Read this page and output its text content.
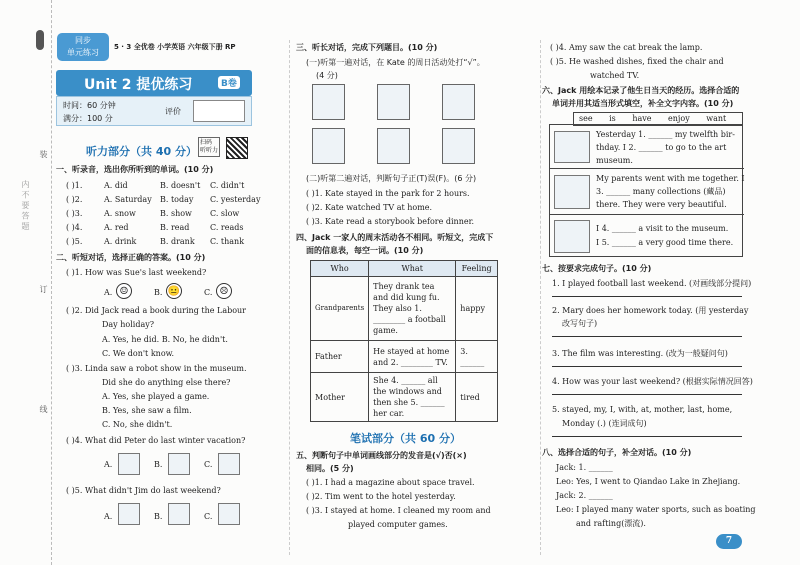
装
订
线
内 不 要 答 题
同步
单元练习
5 · 3 全优卷 小学英语 六年级下册 RP
Unit 2 提优练习	B卷
时间：60 分钟
满分：100 分
评价
扫码
听听力
听力部分（共 40 分）
一、听录音，选出你所听到的单词。(10 分)
( )1.	A. did	B. doesn't C. didn't
( )2.	A. Saturday B. today C. yesterday
( )3.	A. snow	B. show C. slow
( )4.	A. red	B. read	C. reads
( )5.	A. drink	B. drank C. thank
二、听短对话，选择正确的答案。(10 分)
( )1. How was Sue's last weekend?
A. ☺	B. 😐	C. ☹
( )2. Did Jack read a book during the Labour
Day holiday?
A. Yes, he did. B. No, he didn't.
C. We don't know.
( )3. Linda saw a robot show in the museum.
Did she do anything else there?
A. Yes, she played a game.
B. Yes, she saw a film.
C. No, she didn't.
( )4. What did Peter do last winter vacation?
A.	B.	C.
( )5. What didn't Jim do last weekend?
A.	B.	C.
三、听长对话，完成下列题目。(10 分)
(一)听第一遍对话，在 Kate 的周日活动处打“√”。
(4 分)
(二)听第二遍对话，判断句子正(T)误(F)。(6 分)
( )1. Kate stayed in the park for 2 hours.
( )2. Kate watched TV at home.
( )3. Kate read a storybook before dinner.
四、Jack 一家人的周末活动各不相同。听短文，完成下
面的信息表，每空一词。(10 分)
Who	What	Feeling
Grandparents	They drank tea and did kung fu. They also 1. ________ a football game.	happy
Father	He stayed at home and 2. ________ TV.	3. ______
Mother	She 4. ______ all the windows and then she 5. ______ her car.	tired
笔试部分（共 60 分）
五、判断句子中单词画线部分的发音是(√)否(×)
相同。(5 分)
( )1. I had a magazine about space travel.
( )2. Tim went to the hotel yesterday.
( )3. I stayed at home. I cleaned my room and
played computer games.
( )4. Amy saw the cat break the lamp.
( )5. He washed dishes, fixed the chair and
watched TV.
六、Jack 用绘本记录了他生日当天的经历。选择合适的
单词并用其适当形式填空，补全文字内容。(10 分)
see is have enjoy want
Yesterday 1. ______ my twelfth bir-
thday. I 2. ______ to go to the art
museum.
My parents went with me together. I
3. ______ many collections (藏品)
there. They were very beautiful.
I 4. ______ a visit to the museum.
I 5. ______ a very good time there.
七、按要求完成句子。(10 分)
1. I played football last weekend. (对画线部分提问)
2. Mary does her homework today. (用 yesterday
改写句子)
3. The film was interesting. (改为一般疑问句)
4. How was your last weekend? (根据实际情况回答)
5. stayed, my, I, with, at, mother, last, home,
Monday (.) (连词成句)
八、选择合适的句子，补全对话。(10 分)
Jack: 1. ______
Leo: Yes, I went to Qiandao Lake in Zhejiang.
Jack: 2. ______
Leo: I played many water sports, such as boating
and rafting(漂流).
7
